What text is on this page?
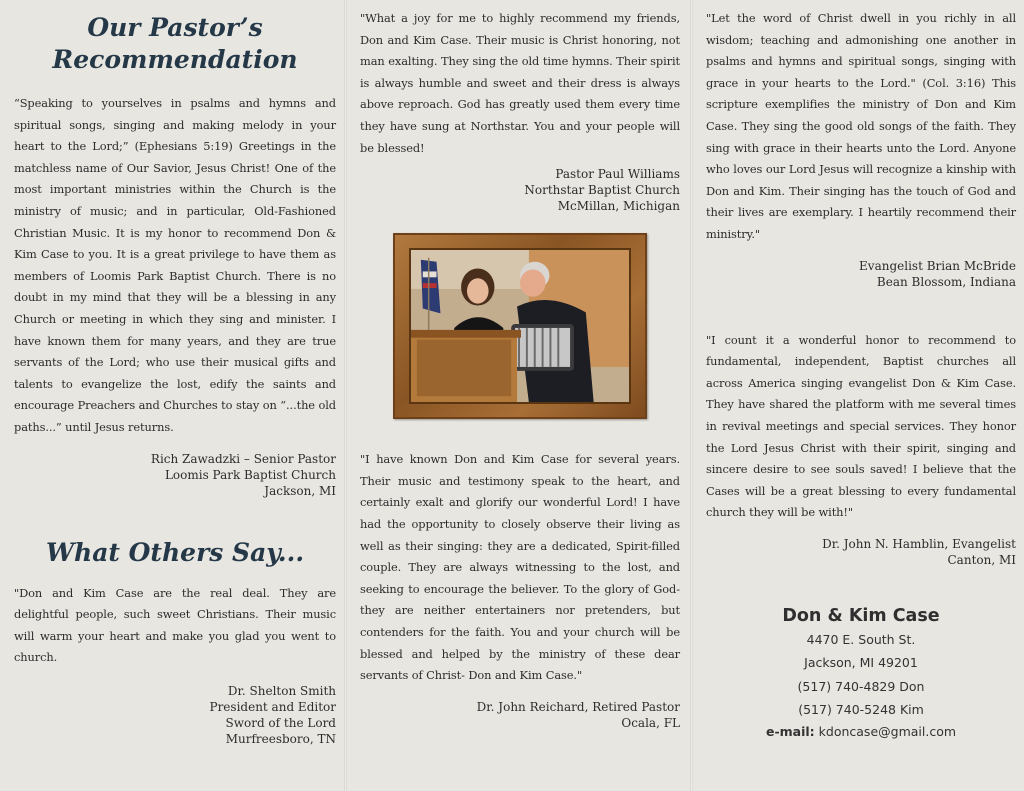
Our Pastor’s
Recommendation

“Speaking to yourselves in psalms and hymns and spiritual songs, singing and making melody in your heart to the Lord;” (Ephesians 5:19) Greetings in the matchless name of Our Savior, Jesus Christ! One of the most important ministries within the Church is the ministry of music; and in particular, Old-Fashioned Christian Music. It is my honor to recommend Don & Kim Case to you. It is a great privilege to have them as members of Loomis Park Baptist Church. There is no doubt in my mind that they will be a blessing in any Church or meeting in which they sing and minister. I have known them for many years, and they are true servants of the Lord; who use their musical gifts and talents to evangelize the lost, edify the saints and encourage Preachers and Churches to stay on “...the old paths...” until Jesus returns.

Rich Zawadzki – Senior Pastor

Loomis Park Baptist Church

Jackson, MI

What Others Say...

"Don and Kim Case are the real deal. They are delightful people, such sweet Christians. Their music will warm your heart and make you glad you went to church.

Dr. Shelton Smith

President and Editor

Sword of the Lord

Murfreesboro, TN

"What a joy for me to highly recommend my friends, Don and Kim Case. Their music is Christ honoring, not man exalting. They sing the old time hymns. Their spirit is always humble and sweet and their dress is always above reproach. God has greatly used them every time they have sung at Northstar. You and your people will be blessed!

Pastor Paul Williams

Northstar Baptist Church

McMillan, Michigan

"I have known Don and Kim Case for several years. Their music and testimony speak to the heart, and certainly exalt and glorify our wonderful Lord! I have had the opportunity to closely observe their living as well as their singing: they are a dedicated, Spirit-filled couple. They are always witnessing to the lost, and seeking to encourage the believer. To the glory of God- they are neither entertainers nor pretenders, but contenders for the faith. You and your church will be blessed and helped by the ministry of these dear servants of Christ- Don and Kim Case."

Dr. John Reichard, Retired Pastor

Ocala, FL

"Let the word of Christ dwell in you richly in all wisdom; teaching and admonishing one another in psalms and hymns and spiritual songs, singing with grace in your hearts to the Lord." (Col. 3:16) This scripture exemplifies the ministry of Don and Kim Case. They sing the good old songs of the faith. They sing with grace in their hearts unto the Lord. Anyone who loves our Lord Jesus will recognize a kinship with Don and Kim. Their singing has the touch of God and their lives are exemplary. I heartily recommend their ministry."

Evangelist Brian McBride

Bean Blossom, Indiana

"I count it a wonderful honor to recommend to fundamental, independent, Baptist churches all across America singing evangelist Don & Kim Case. They have shared the platform with me several times in revival meetings and special services. They honor the Lord Jesus Christ with their spirit, singing and sincere desire to see souls saved! I believe that the Cases will be a great blessing to every fundamental church they will be with!"

Dr. John N. Hamblin, Evangelist

Canton, MI

Don & Kim Case

4470 E. South St.

Jackson, MI 49201

(517) 740-4829 Don

(517) 740-5248 Kim

e-mail: kdoncase@gmail.com
